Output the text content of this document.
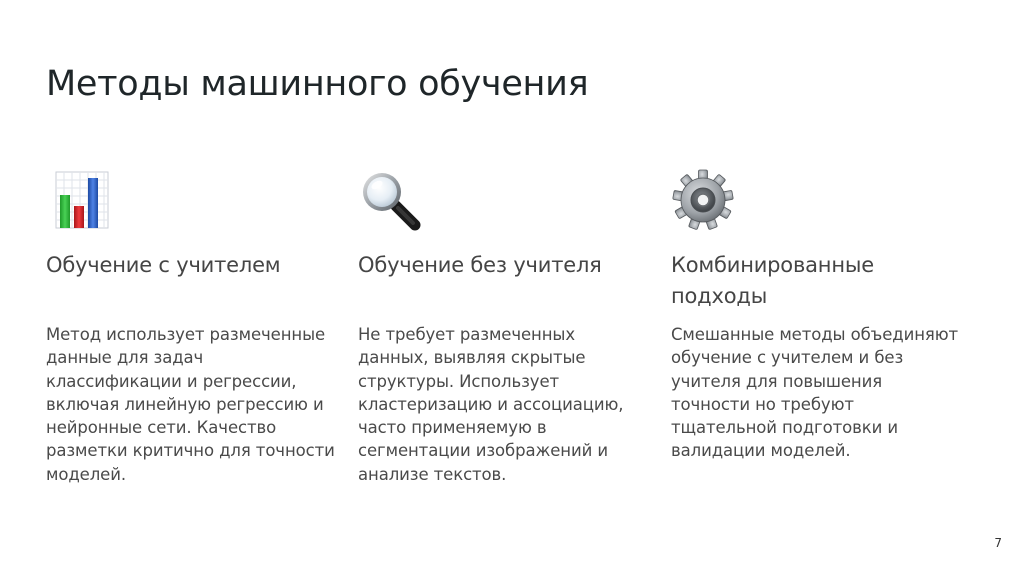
Методы машинного обучения
Обучение с учителем

Метод использует размеченные данные для задач классификации и регрессии, включая линейную регрессию и нейронные сети. Качество разметки критично для точности моделей.

Обучение без учителя

Не требует размеченных данных, выявляя скрытые структуры. Использует кластеризацию и ассоциацию, часто применяемую в сегментации изображений и анализе текстов.

Комбинированные подходы

Смешанные методы объединяют обучение с учителем и без учителя для повышения точности но требуют тщательной подготовки и валидации моделей.

7
